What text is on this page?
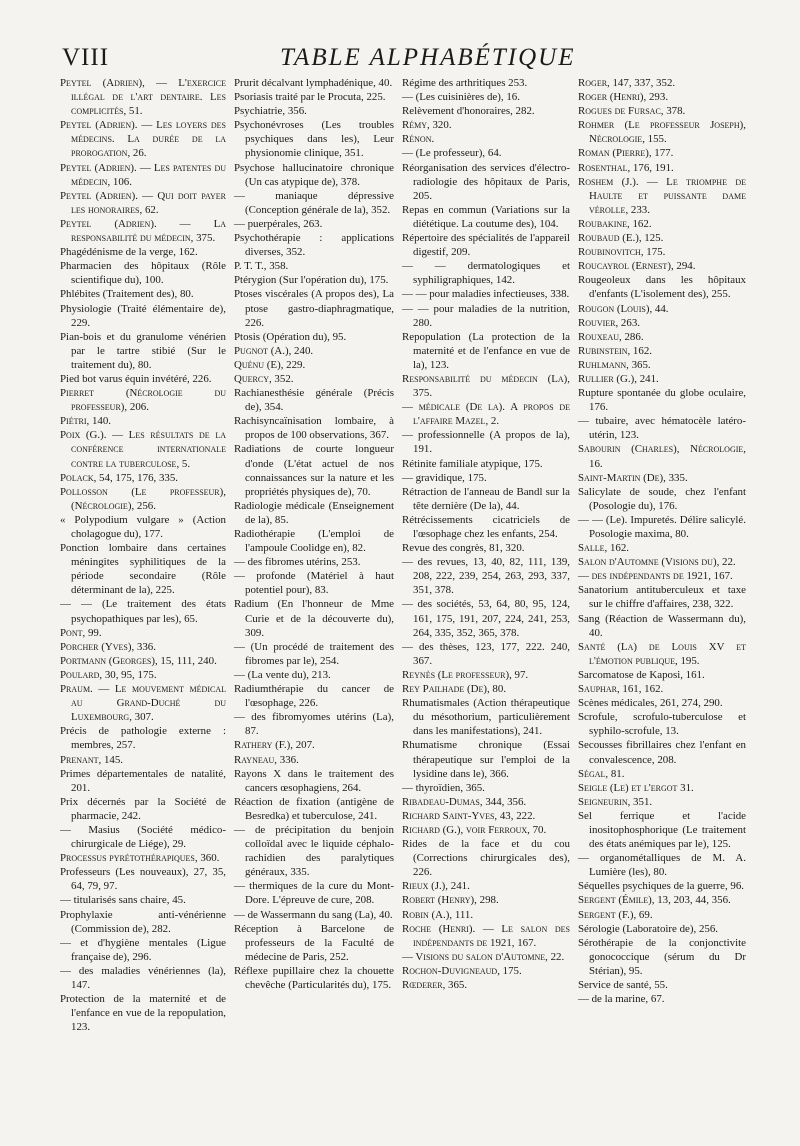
VIII	TABLE ALPHABÉTIQUE

Peytel (Adrien), — L'exercice illégal de l'art dentaire. Les complicités, 51.

Peytel (Adrien). — Les loyers des médecins. La durée de la prorogation, 26.

Peytel (Adrien). — Les patentes du médecin, 106.

Peytel (Adrien). — Qui doit payer les honoraires, 62.

Peytel (Adrien). — La responsabilité du médecin, 375.

Phagédénisme de la verge, 162.

Pharmacien des hôpitaux (Rôle scientifique du), 100.

Phlébites (Traitement des), 80.

Physiologie (Traité élémentaire de), 229.

Pian-bois et du granulome vénérien par le tartre stibié (Sur le traitement du), 80.

Pied bot varus équin invétéré, 226.

Pierret (Nécrologie du professeur), 206.

Piétri, 140.

Poix (G.). — Les résultats de la conférence internationale contre la tuberculose, 5.

Polack, 54, 175, 176, 335.

Pollosson (Le professeur), (Nécrologie), 256.

« Polypodium vulgare » (Action cholagogue du), 177.

Ponction lombaire dans certaines méningites syphilitiques de la période secondaire (Rôle déterminant de la), 225.

— — (Le traitement des états psychopathiques par les), 65.

Pont, 99.

Porcher (Yves), 336.

Portmann (Georges), 15, 111, 240.

Poulard, 30, 95, 175.

Praum. — Le mouvement médical au Grand-Duché du Luxembourg, 307.

Précis de pathologie externe : membres, 257.

Prenant, 145.

Primes départementales de natalité, 201.

Prix décernés par la Société de pharmacie, 242.

— Masius (Société médico-chirurgicale de Liége), 29.

Processus pyrétothérapiques, 360.

Professeurs (Les nouveaux), 27, 35, 64, 79, 97.

— titularisés sans chaire, 45.

Prophylaxie anti-vénérienne (Commission de), 282.

— et d'hygiène mentales (Ligue française de), 296.

— des maladies vénériennes (la), 147.

Protection de la maternité et de l'enfance en vue de la repopulation, 123.

Prurit décalvant lymphadénique, 40.

Psoriasis traité par le Procuta, 225.

Psychiatrie, 356.

Psychonévroses (Les troubles psychiques dans les), Leur physionomie clinique, 351.

Psychose hallucinatoire chronique (Un cas atypique de), 378.

— maniaque dépressive (Conception générale de la), 352.

— puerpérales, 263.

Psychothérapie : applications diverses, 352.

P. T. T., 358.

Ptérygion (Sur l'opération du), 175.

Ptoses viscérales (A propos des), La ptose gastro-diaphragmatique, 226.

Ptosis (Opération du), 95.

Pugnot (A.), 240.

Quénu (E), 229.

Quercy, 352.

Rachianesthésie générale (Précis de), 354.

Rachisyncaïnisation lombaire, à propos de 100 observations, 367.

Radiations de courte longueur d'onde (L'état actuel de nos connaissances sur la nature et les propriétés physiques de), 70.

Radiologie médicale (Enseignement de la), 85.

Radiothérapie (L'emploi de l'ampoule Coolidge en), 82.

— des fibromes utérins, 253.

— profonde (Matériel à haut potentiel pour), 83.

Radium (En l'honneur de Mme Curie et de la découverte du), 309.

— (Un procédé de traitement des fibromes par le), 254.

— (La vente du), 213.

Radiumthérapie du cancer de l'œsophage, 226.

— des fibromyomes utérins (La), 87.

Rathery (F.), 207.

Rayneau, 336.

Rayons X dans le traitement des cancers œsophagiens, 264.

Réaction de fixation (antigène de Besredka) et tuberculose, 241.

— de précipitation du benjoin colloïdal avec le liquide céphalo-rachidien des paralytiques généraux, 335.

— thermiques de la cure du Mont-Dore. L'épreuve de cure, 208.

— de Wassermann du sang (La), 40.

Réception à Barcelone de professeurs de la Faculté de médecine de Paris, 252.

Réflexe pupillaire chez la chouette chevêche (Particularités du), 175.

Régime des arthritiques 253.

— (Les cuisinières de), 16.

Relèvement d'honoraires, 282.

Rémy, 320.

Rénon.

— (Le professeur), 64.

Réorganisation des services d'électro-radiologie des hôpitaux de Paris, 205.

Repas en commun (Variations sur la diététique. La coutume des), 104.

Répertoire des spécialités de l'appareil digestif, 209.

— — dermatologiques et syphiligraphiques, 142.

— — pour maladies infectieuses, 338.

— — pour maladies de la nutrition, 280.

Repopulation (La protection de la maternité et de l'enfance en vue de la), 123.

Responsabilité du médecin (La), 375.

— médicale (De la). A propos de l'affaire Mazel, 2.

— professionnelle (A propos de la), 191.

Rétinite familiale atypique, 175.

— gravidique, 175.

Rétraction de l'anneau de Bandl sur la tête dernière (De la), 44.

Rétrécissements cicatriciels de l'œsophage chez les enfants, 254.

Revue des congrès, 81, 320.

— des revues, 13, 40, 82, 111, 139, 208, 222, 239, 254, 263, 293, 337, 351, 378.

— des sociétés, 53, 64, 80, 95, 124, 161, 175, 191, 207, 224, 241, 253, 264, 335, 352, 365, 378.

— des thèses, 123, 177, 222. 240, 367.

Reynès (Le professeur), 97.

Rey Pailhade (De), 80.

Rhumatismales (Action thérapeutique du mésothorium, particulièrement dans les manifestations), 241.

Rhumatisme chronique (Essai thérapeutique sur l'emploi de la lysidine dans le), 366.

— thyroïdien, 365.

Ribadeau-Dumas, 344, 356.

Richard Saint-Yves, 43, 222.

Richard (G.), voir Ferroux, 70.

Rides de la face et du cou (Corrections chirurgicales des), 226.

Rieux (J.), 241.

Robert (Henry), 298.

Robin (A.), 111.

Roche (Henri). — Le salon des indépendants de 1921, 167.

— Visions du salon d'Automne, 22.

Rochon-Duvigneaud, 175.

Rœderer, 365.

Roger, 147, 337, 352.

Roger (Henri), 293.

Rogues de Fursac, 378.

Rohmer (Le professeur Joseph), Nécrologie, 155.

Roman (Pierre), 177.

Rosenthal, 176, 191.

Roshem (J.). — Le triomphe de Haulte et puissante dame vérolle, 233.

Roubakine, 162.

Roubaud (E.), 125.

Roubinovitch, 175.

Roucayrol (Ernest), 294.

Rougeoleux dans les hôpitaux d'enfants (L'isolement des), 255.

Rougon (Louis), 44.

Rouvier, 263.

Rouxeau, 286.

Rubinstein, 162.

Ruhlmann, 365.

Rullier (G.), 241.

Rupture spontanée du globe oculaire, 176.

— tubaire, avec hématocèle latéro-utérin, 123.

Sabourin (Charles), Nécrologie, 16.

Saint-Martin (De), 335.

Salicylate de soude, chez l'enfant (Posologie du), 176.

— — (Le). Impuretés. Délire salicylé. Posologie maxima, 80.

Salle, 162.

Salon d'Automne (Visions du), 22.

— des indépendants de 1921, 167.

Sanatorium antituberculeux et taxe sur le chiffre d'affaires, 238, 322.

Sang (Réaction de Wassermann du), 40.

Santé (La) de Louis XV et l'émotion publique, 195.

Sarcomatose de Kaposi, 161.

Sauphar, 161, 162.

Scènes médicales, 261, 274, 290.

Scrofule, scrofulo-tuberculose et syphilo-scrofule, 13.

Secousses fibrillaires chez l'enfant en convalescence, 208.

Ségal, 81.

Seigle (Le) et l'ergot 31.

Seigneurin, 351.

Sel ferrique et l'acide inositophosphorique (Le traitement des états anémiques par le), 125.

— organométalliques de M. A. Lumière (les), 80.

Séquelles psychiques de la guerre, 96.

Sergent (Émile), 13, 203, 44, 356.

Sergent (F.), 69.

Sérologie (Laboratoire de), 256.

Sérothérapie de la conjonctivite gonococcique (sérum du Dr Stérian), 95.

Service de santé, 55.

— de la marine, 67.
